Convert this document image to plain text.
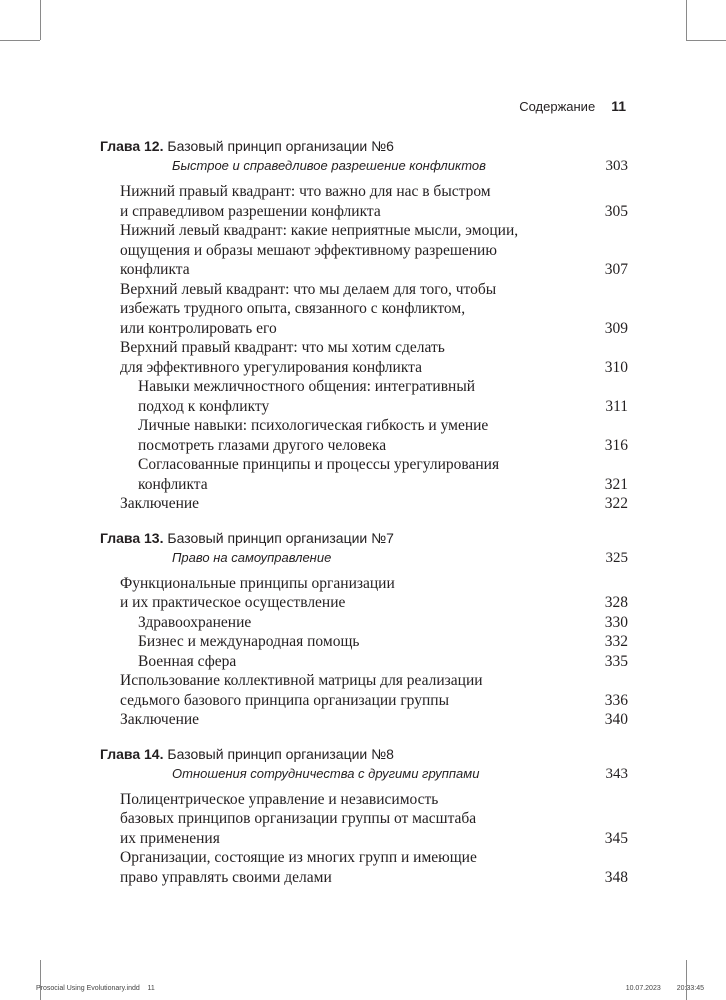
Содержание 11
Глава 12. Базовый принцип организации №6
Быстрое и справедливое разрешение конфликтов	303
Нижний правый квадрант: что важно для нас в быстром
и справедливом разрешении конфликта	305
Нижний левый квадрант: какие неприятные мысли, эмоции,
ощущения и образы мешают эффективному разрешению
конфликта	307
Верхний левый квадрант: что мы делаем для того, чтобы
избежать трудного опыта, связанного с конфликтом,
или контролировать его	309
Верхний правый квадрант: что мы хотим сделать
для эффективного урегулирования конфликта	310
Навыки межличностного общения: интегративный
подход к конфликту	311
Личные навыки: психологическая гибкость и умение
посмотреть глазами другого человека	316
Согласованные принципы и процессы урегулирования
конфликта	321
Заключение	322
Глава 13. Базовый принцип организации №7
Право на самоуправление	325
Функциональные принципы организации
и их практическое осуществление	328
Здравоохранение	330
Бизнес и международная помощь	332
Военная сфера	335
Использование коллективной матрицы для реализации
седьмого базового принципа организации группы	336
Заключение	340
Глава 14. Базовый принцип организации №8
Отношения сотрудничества с другими группами	343
Полицентрическое управление и независимость
базовых принципов организации группы от масштаба
их применения	345
Организации, состоящие из многих групп и имеющие
право управлять своими делами	348
Prosocial Using Evolutionary.indd 11	10.07.2023 20:33:45
